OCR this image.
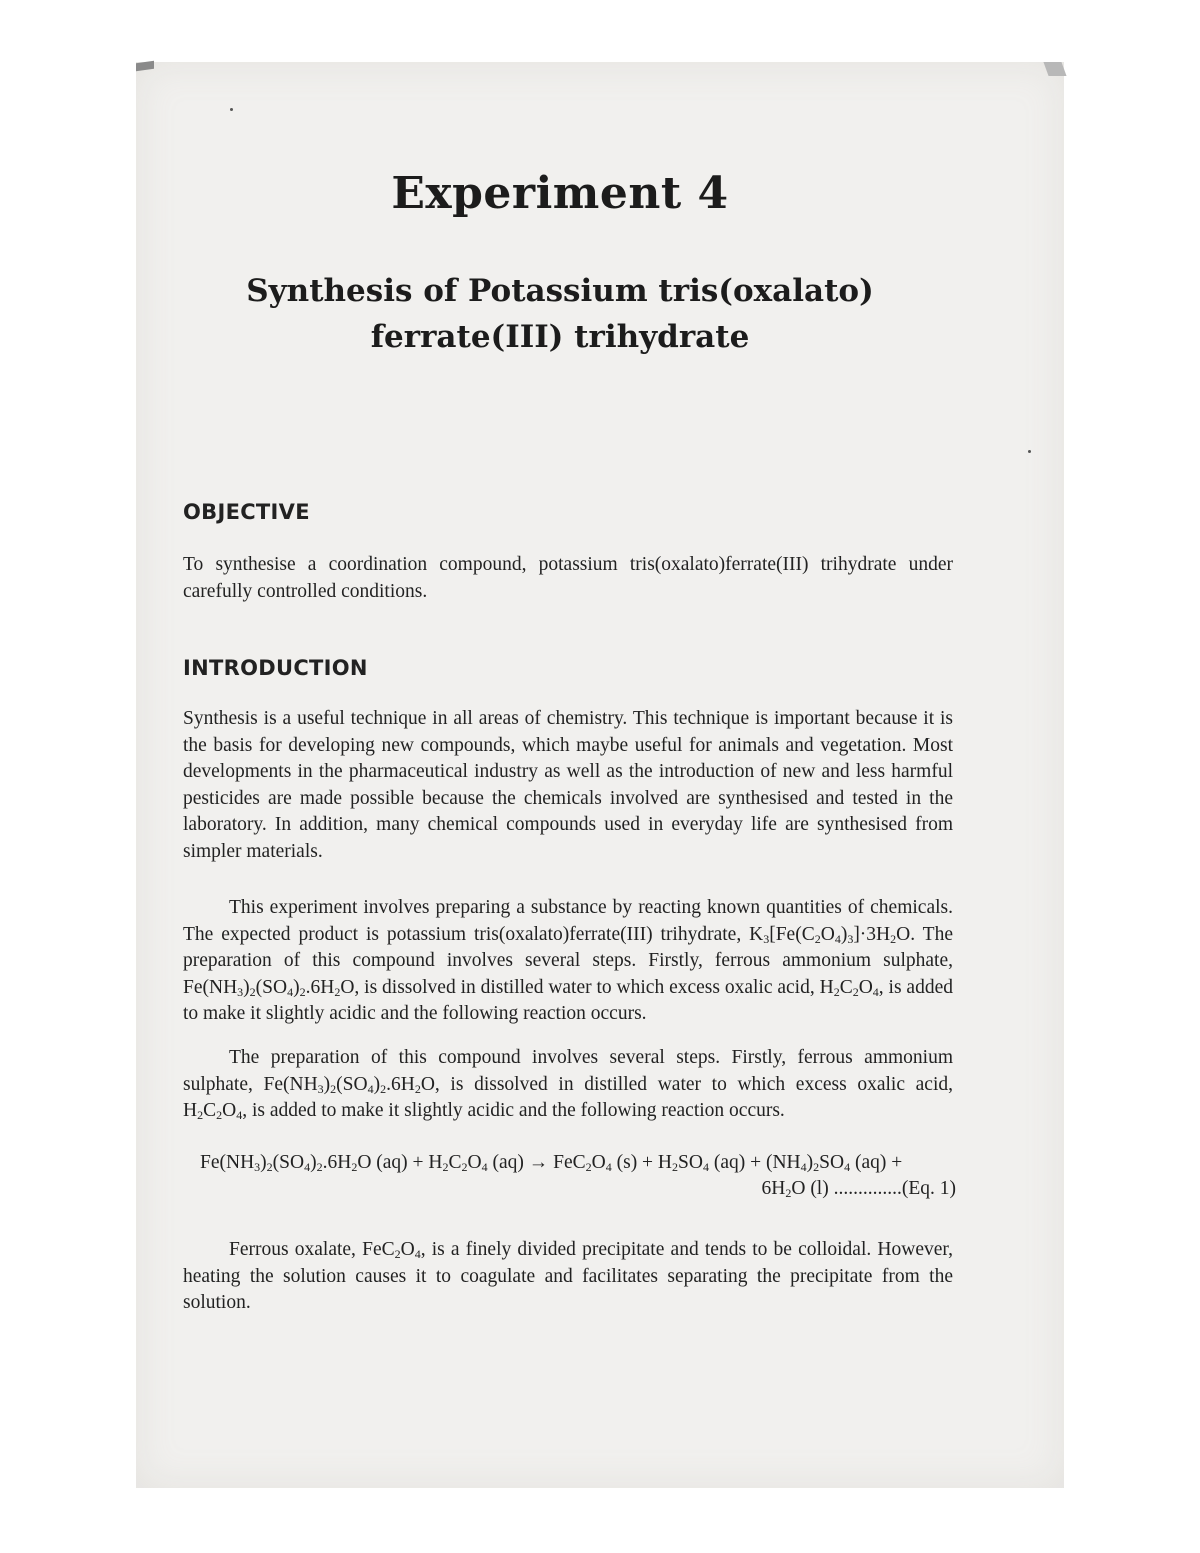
Experiment 4
Synthesis of Potassium tris(oxalato)
ferrate(III) trihydrate
OBJECTIVE

To synthesise a coordination compound, potassium tris(oxalato)ferrate(III) trihydrate under carefully controlled conditions.

INTRODUCTION

Synthesis is a useful technique in all areas of chemistry. This technique is important because it is the basis for developing new compounds, which maybe useful for animals and vegetation. Most developments in the pharmaceutical industry as well as the introduction of new and less harmful pesticides are made possible because the chemicals involved are synthesised and tested in the laboratory. In addition, many chemical compounds used in everyday life are synthesised from simpler materials.

This experiment involves preparing a substance by reacting known quantities of chemicals. The expected product is potassium tris(oxalato)ferrate(III) trihydrate, $K_3[Fe(C_2O_4)_3]\cdot 3H_2O$. The preparation of this compound involves several steps. Firstly, ferrous ammonium sulphate, $Fe(NH_3)_2(SO_4)_2.6H_2O$, is dissolved in distilled water to which excess oxalic acid, $H_2C_2O_4$, is added to make it slightly acidic and the following reaction occurs.

The preparation of this compound involves several steps. Firstly, ferrous ammonium sulphate, $Fe(NH_3)_2(SO_4)_2.6H_2O$, is dissolved in distilled water to which excess oxalic acid, $H_2C_2O_4$, is added to make it slightly acidic and the following reaction occurs.

$Fe(NH_3)_2(SO_4)_2.6H_2O$ $(aq) + H_2C_2O_4$ $(aq) \to FeC_2O_4$ $(s) + H_2SO_4$ $(aq) + (NH_4)_2SO_4$ (aq) +
$6H_2O$ (l) ..............(Eq. 1)

Ferrous oxalate, $FeC_2O_4$, is a finely divided precipitate and tends to be colloidal. However, heating the solution causes it to coagulate and facilitates separating the precipitate from the solution.
